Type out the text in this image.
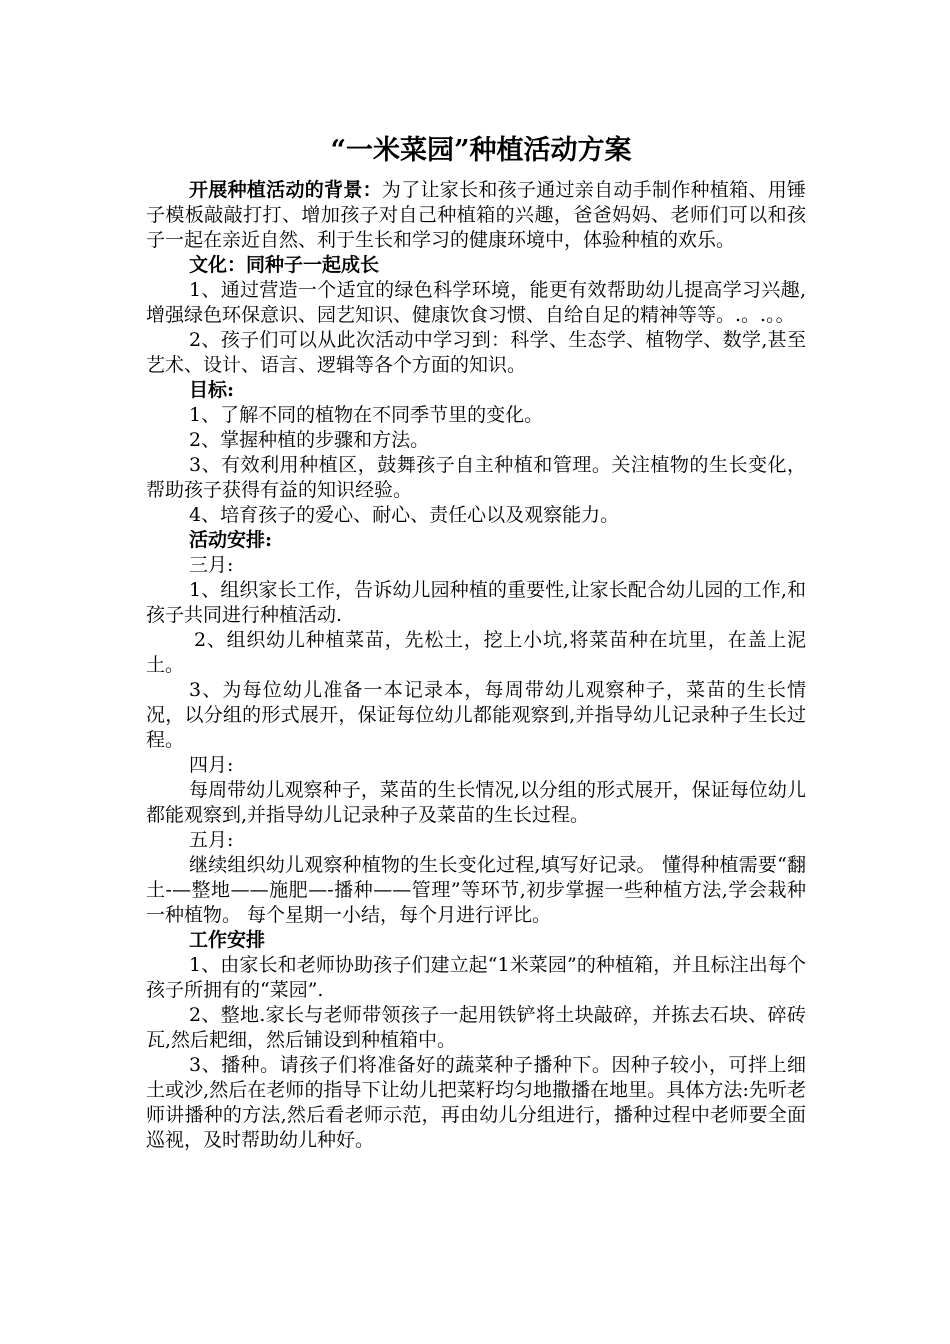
“一米菜园”种植活动方案

开展种植活动的背景：为了让家长和孩子通过亲自动手制作种植箱、用锤子模板敲敲打打、增加孩子对自己种植箱的兴趣，爸爸妈妈、老师们可以和孩子一起在亲近自然、利于生长和学习的健康环境中，体验种植的欢乐。

文化：同种子一起成长

1、通过营造一个适宜的绿色科学环境，能更有效帮助幼儿提高学习兴趣,增强绿色环保意识、园艺知识、健康饮食习惯、自给自足的精神等等。.。.。。

2、孩子们可以从此次活动中学习到：科学、生态学、植物学、数学,甚至艺术、设计、语言、逻辑等各个方面的知识。

目标:

1、了解不同的植物在不同季节里的变化。

2、掌握种植的步骤和方法。

3、有效利用种植区，鼓舞孩子自主种植和管理。关注植物的生长变化，帮助孩子获得有益的知识经验。

4、培育孩子的爱心、耐心、责任心以及观察能力。

活动安排:

三月:

1、组织家长工作，告诉幼儿园种植的重要性,让家长配合幼儿园的工作,和孩子共同进行种植活动.

2、组织幼儿种植菜苗，先松土，挖上小坑,将菜苗种在坑里，在盖上泥土。

3、为每位幼儿准备一本记录本，每周带幼儿观察种子，菜苗的生长情况，以分组的形式展开，保证每位幼儿都能观察到,并指导幼儿记录种子生长过程。

四月:

每周带幼儿观察种子，菜苗的生长情况,以分组的形式展开，保证每位幼儿都能观察到,并指导幼儿记录种子及菜苗的生长过程。

五月:

继续组织幼儿观察种植物的生长变化过程,填写好记录。 懂得种植需要“翻土-—整地——施肥—-播种——管理”等环节,初步掌握一些种植方法,学会栽种一种植物。 每个星期一小结，每个月进行评比。

工作安排

1、由家长和老师协助孩子们建立起“1米菜园”的种植箱，并且标注出每个孩子所拥有的“菜园”.

2、整地.家长与老师带领孩子一起用铁铲将土块敲碎，并拣去石块、碎砖瓦,然后耙细，然后铺设到种植箱中。

3、播种。请孩子们将准备好的蔬菜种子播种下。因种子较小，可拌上细土或沙,然后在老师的指导下让幼儿把菜籽均匀地撒播在地里。具体方法:先听老师讲播种的方法,然后看老师示范，再由幼儿分组进行，播种过程中老师要全面巡视，及时帮助幼儿种好。
